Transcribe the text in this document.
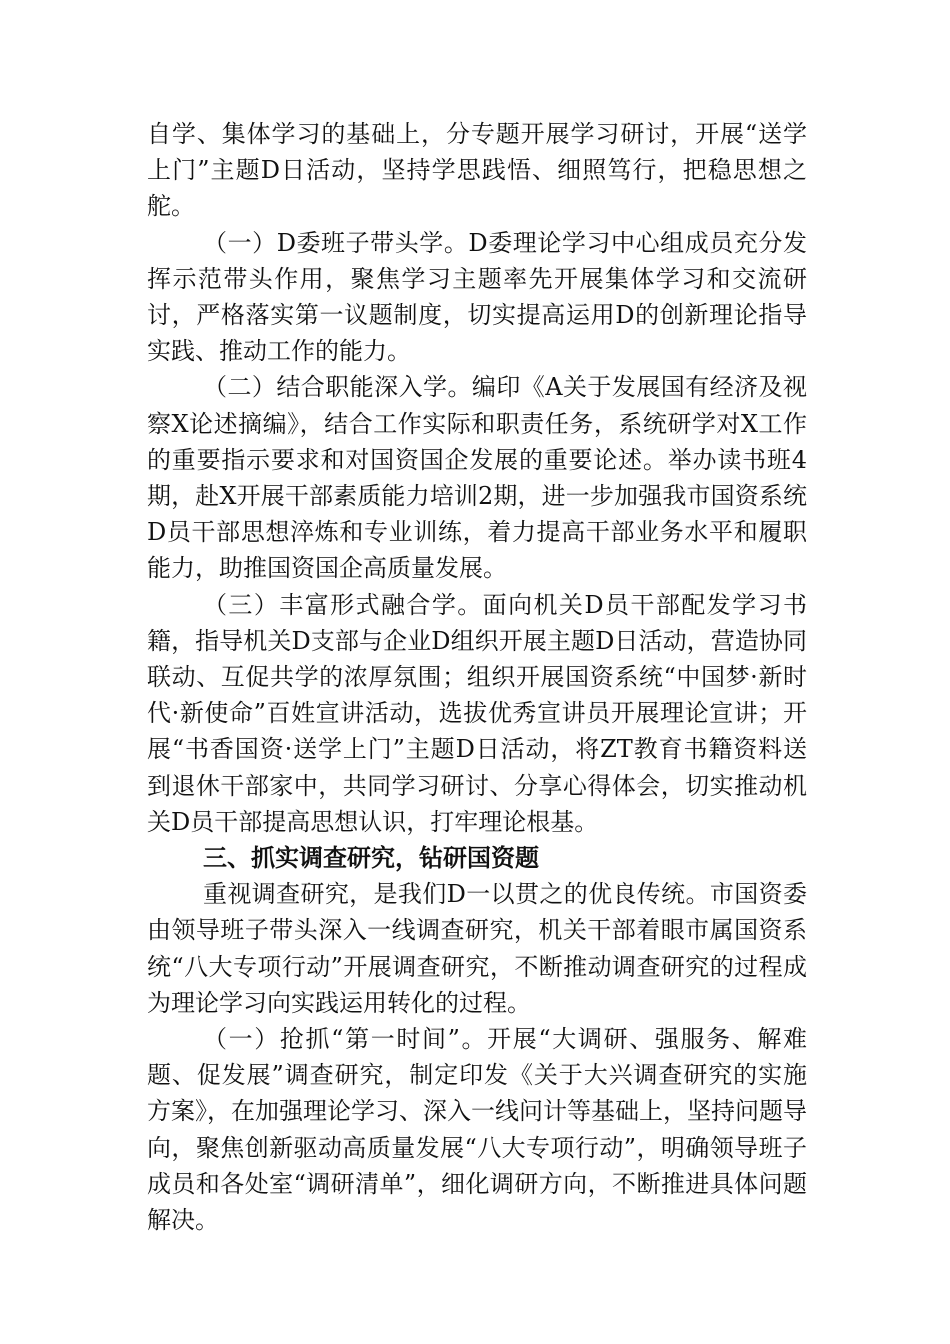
自学、集体学习的基础上，分专题开展学习研讨，开展“送学上门”主题D日活动，坚持学思践悟、细照笃行，把稳思想之舵。

（一）D委班子带头学。D委理论学习中心组成员充分发挥示范带头作用，聚焦学习主题率先开展集体学习和交流研讨，严格落实第一议题制度，切实提高运用D的创新理论指导实践、推动工作的能力。

（二）结合职能深入学。编印《A关于发展国有经济及视察X论述摘编》，结合工作实际和职责任务，系统研学对X工作的重要指示要求和对国资国企发展的重要论述。举办读书班4期，赴X开展干部素质能力培训2期，进一步加强我市国资系统D员干部思想淬炼和专业训练，着力提高干部业务水平和履职能力，助推国资国企高质量发展。

（三）丰富形式融合学。面向机关D员干部配发学习书籍，指导机关D支部与企业D组织开展主题D日活动，营造协同联动、互促共学的浓厚氛围；组织开展国资系统“中国梦·新时代·新使命”百姓宣讲活动，选拔优秀宣讲员开展理论宣讲；开展“书香国资·送学上门”主题D日活动，将ZT教育书籍资料送到退休干部家中，共同学习研讨、分享心得体会，切实推动机关D员干部提高思想认识，打牢理论根基。

三、抓实调查研究，钻研国资题

重视调查研究，是我们D一以贯之的优良传统。市国资委由领导班子带头深入一线调查研究，机关干部着眼市属国资系统“八大专项行动”开展调查研究，不断推动调查研究的过程成为理论学习向实践运用转化的过程。

（一）抢抓“第一时间”。开展“大调研、强服务、解难题、促发展”调查研究，制定印发《关于大兴调查研究的实施方案》，在加强理论学习、深入一线问计等基础上，坚持问题导向，聚焦创新驱动高质量发展“八大专项行动”，明确领导班子成员和各处室“调研清单”，细化调研方向，不断推进具体问题解决。
